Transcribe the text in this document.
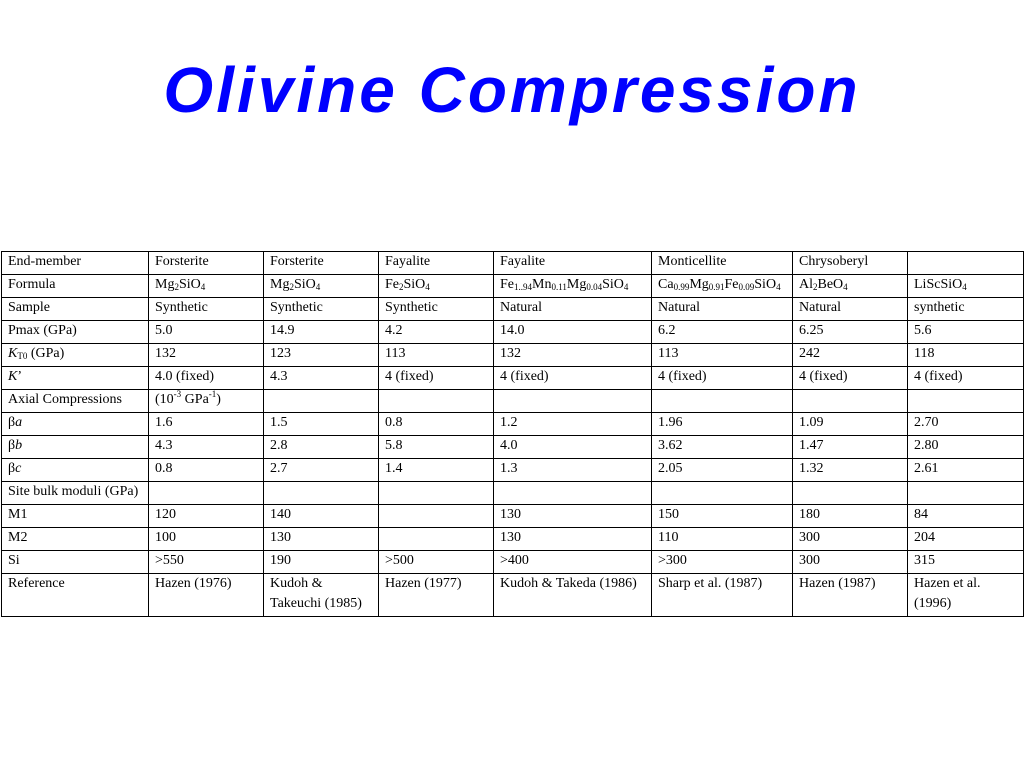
Olivine Compression
End-member	Forsterite	Forsterite	Fayalite	Fayalite	Monticellite	Chrysoberyl	
Formula	$Mg_2SiO_4$	$Mg_2SiO_4$	$Fe_2SiO_4$	$Fe_{1..94}Mn_{0.11}Mg_{0.04}SiO_4$	$Ca_{0.99}Mg_{0.91}Fe_{0.09}SiO_4$	$Al_2BeO_4$	LiScSiO$_4$
Sample	Synthetic	Synthetic	Synthetic	Natural	Natural	Natural	synthetic
Pmax (GPa)	5.0	14.9	4.2	14.0	6.2	6.25	5.6
$K_{T0}$ (GPa)	132	123	113	132	113	242	118
K’	4.0 (fixed)	4.3	4 (fixed)	4 (fixed)	4 (fixed)	4 (fixed)	4 (fixed)
Axial Compressions	($10^{-3}$ GPa$^{-1}$)						
βa	1.6	1.5	0.8	1.2	1.96	1.09	2.70
βb	4.3	2.8	5.8	4.0	3.62	1.47	2.80
βc	0.8	2.7	1.4	1.3	2.05	1.32	2.61
Site bulk moduli (GPa)							
M1	120	140		130	150	180	84
M2	100	130		130	110	300	204
Si	>550	190	>500	>400	>300	300	315
Reference	Hazen (1976)	Kudoh & Takeuchi (1985)	Hazen (1977)	Kudoh & Takeda (1986)	Sharp et al. (1987)	Hazen (1987)	Hazen et al. (1996)
